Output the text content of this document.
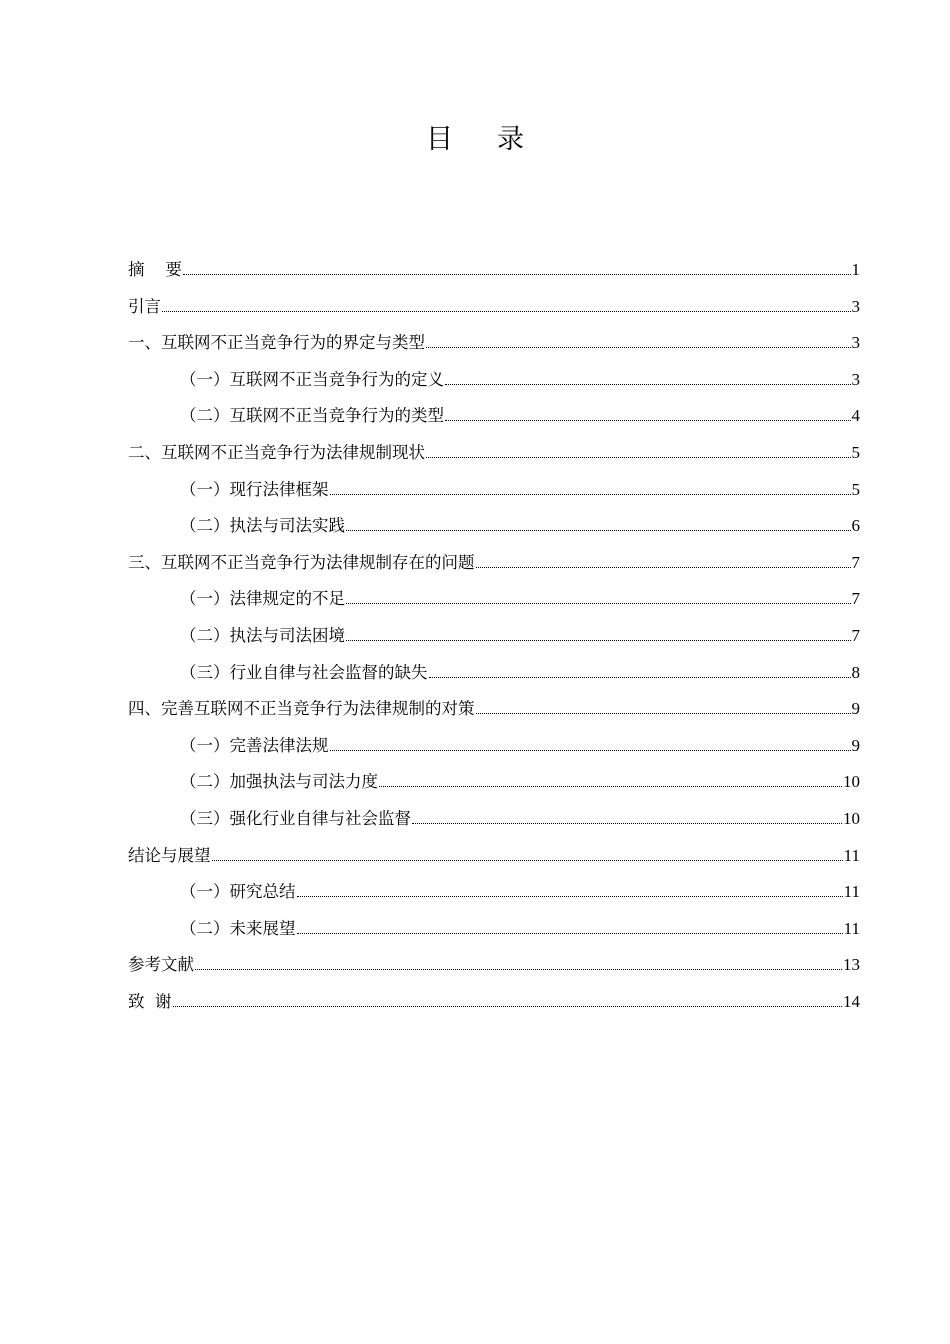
目录
摘    要	1
引言	3
一、互联网不正当竞争行为的界定与类型	3
（一）互联网不正当竞争行为的定义	3
（二）互联网不正当竞争行为的类型	4
二、互联网不正当竞争行为法律规制现状	5
（一）现行法律框架	5
（二）执法与司法实践	6
三、互联网不正当竞争行为法律规制存在的问题	7
（一）法律规定的不足	7
（二）执法与司法困境	7
（三）行业自律与社会监督的缺失	8
四、完善互联网不正当竞争行为法律规制的对策	9
（一）完善法律法规	9
（二）加强执法与司法力度	10
（三）强化行业自律与社会监督	10
结论与展望	11
（一）研究总结	11
（二）未来展望	11
参考文献	13
致  谢	14
